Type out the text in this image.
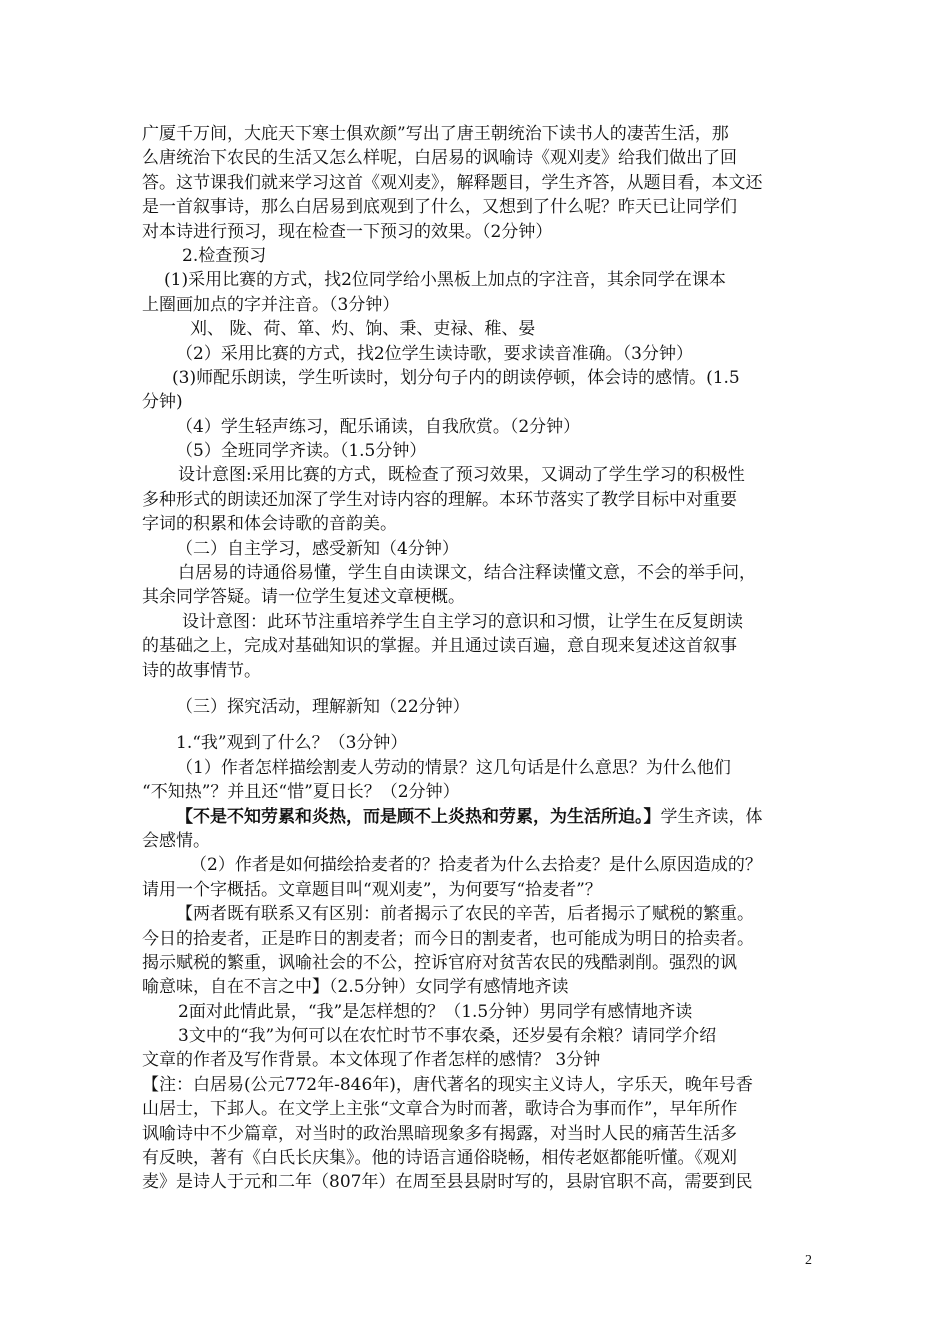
广厦千万间，大庇天下寒士俱欢颜”写出了唐王朝统治下读书人的凄苦生活，那
么唐统治下农民的生活又怎么样呢，白居易的讽喻诗《观刈麦》给我们做出了回
答。这节课我们就来学习这首《观刈麦》，解释题目，学生齐答，从题目看，本文还
是一首叙事诗，那么白居易到底观到了什么，又想到了什么呢？昨天已让同学们
对本诗进行预习，现在检查一下预习的效果。（2分钟）
2.检查预习
(1)采用比赛的方式，找2位同学给小黑板上加点的字注音，其余同学在课本
上圈画加点的字并注音。（3分钟）
刈、 陇、荷、箪、灼、饷、秉、吏禄、稚、晏
（2）采用比赛的方式，找2位学生读诗歌，要求读音准确。（3分钟）
(3)师配乐朗读，学生听读时，划分句子内的朗读停顿，体会诗的感情。(1.5
分钟)
（4）学生轻声练习，配乐诵读，自我欣赏。（2分钟）
（5）全班同学齐读。（1.5分钟）
设计意图:采用比赛的方式，既检查了预习效果，又调动了学生学习的积极性
多种形式的朗读还加深了学生对诗内容的理解。本环节落实了教学目标中对重要
字词的积累和体会诗歌的音韵美。
（二）自主学习，感受新知（4分钟）
白居易的诗通俗易懂，学生自由读课文，结合注释读懂文意，不会的举手问，
其余同学答疑。请一位学生复述文章梗概。
设计意图：此环节注重培养学生自主学习的意识和习惯，让学生在反复朗读
的基础之上，完成对基础知识的掌握。并且通过读百遍，意自现来复述这首叙事
诗的故事情节。
（三）探究活动，理解新知（22分钟）
1.“我”观到了什么？（3分钟）
（1）作者怎样描绘割麦人劳动的情景？这几句话是什么意思？为什么他们
“不知热”？并且还“惜”夏日长？（2分钟）
【不是不知劳累和炎热，而是顾不上炎热和劳累，为生活所迫。】学生齐读，体
会感情。
（2）作者是如何描绘拾麦者的？拾麦者为什么去拾麦？是什么原因造成的？
请用一个字概括。文章题目叫“观刈麦”，为何要写“拾麦者”？
【两者既有联系又有区别：前者揭示了农民的辛苦，后者揭示了赋税的繁重。
今日的拾麦者，正是昨日的割麦者；而今日的割麦者，也可能成为明日的拾卖者。
揭示赋税的繁重，讽喻社会的不公，控诉官府对贫苦农民的残酷剥削。强烈的讽
喻意味，自在不言之中】（2.5分钟）女同学有感情地齐读
2面对此情此景，“我”是怎样想的？（1.5分钟）男同学有感情地齐读
3文中的“我”为何可以在农忙时节不事农桑，还岁晏有余粮？请同学介绍
文章的作者及写作背景。本文体现了作者怎样的感情？ 3分钟
【注：白居易(公元772年-846年)，唐代著名的现实主义诗人，字乐天，晚年号香
山居士，下邽人。在文学上主张“文章合为时而著，歌诗合为事而作”，早年所作
讽喻诗中不少篇章，对当时的政治黑暗现象多有揭露，对当时人民的痛苦生活多
有反映，著有《白氏长庆集》。他的诗语言通俗晓畅，相传老妪都能听懂。《观刈
麦》是诗人于元和二年（807年）在周至县县尉时写的，县尉官职不高，需要到民
2
